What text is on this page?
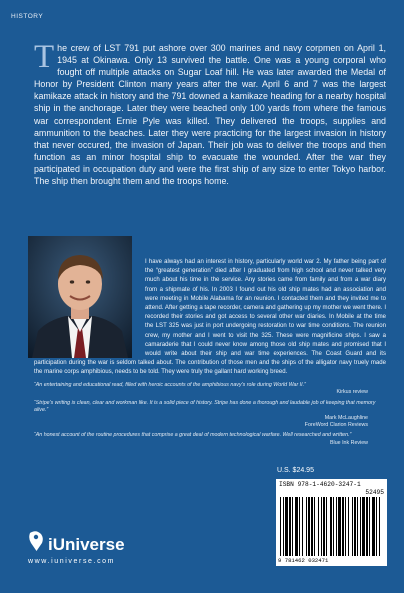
HISTORY
The crew of LST 791 put ashore over 300 marines and navy corpmen on April 1, 1945 at Okinawa. Only 13 survived the battle. One was a young corporal who fought off multiple attacks on Sugar Loaf hill. He was later awarded the Medal of Honor by President Clinton many years after the war. April 6 and 7 was the largest kamikaze attack in history and the 791 downed a kamikaze heading for a nearby hospital ship in the anchorage. Later they were beached only 100 yards from where the famous war correspondent Ernie Pyle was killed. They delivered the troops, supplies and ammunition to the beaches. Later they were practicing for the largest invasion in history that never occured, the invasion of Japan. Their job was to deliver the troops and then function as an minor hospital ship to evacuate the wounded. After the war they participated in occupation duty and were the first ship of any size to enter Tokyo harbor. The ship then brought them and the troops home.
I have always had an interest in history, particularly world war 2. My father being part of the “greatest generation” died after I graduated from high school and never talked very much about his time in the service. Any stories came from family and from a war diary from a shipmate of his. In 2003 I found out his old ship mates had an association and were meeting in Mobile Alabama for an reunion. I contacted them and they invited me to attend. After getting a tape recorder, camera and gathering up my mother we went there. I recorded their stories and got access to several other war diaries. In Mobile at the time the LST 325 was just in port undergoing restoration to war time conditions. The reunion crew, my mother and I went to visit the 325. These were magnificine ships. I saw a camaraderie that I could never know among those old ship mates and promised that I would write about their ship and war time experiences. The Coast Guard and its participation during the war is seldom talked about. The contribution of those men and the ships of the alligator navy truely made the marine corps amphibious, needs to be told. They were truly the gallant hard working breed.
“An entertaining and educational read, filled with heroic accounts of the amphibious navy’s role during World War II.”
Kirkus review
“Stripe’s writing is clean, clear and workman like. It is a solid piece of history. Stripe has done a thorough and laudable job of keeping that memory alive.”
Mark McLaughline
ForeWord Clarion Reviews
“An honest account of the routine procedures that comprise a great deal of modern technological warfare. Well researched and written.”
Blue Ink Review
U.S. $24.95
ISBN 978-1-4620-3247-1
52495
9 781462 032471
iUniverse
www.iuniverse.com
